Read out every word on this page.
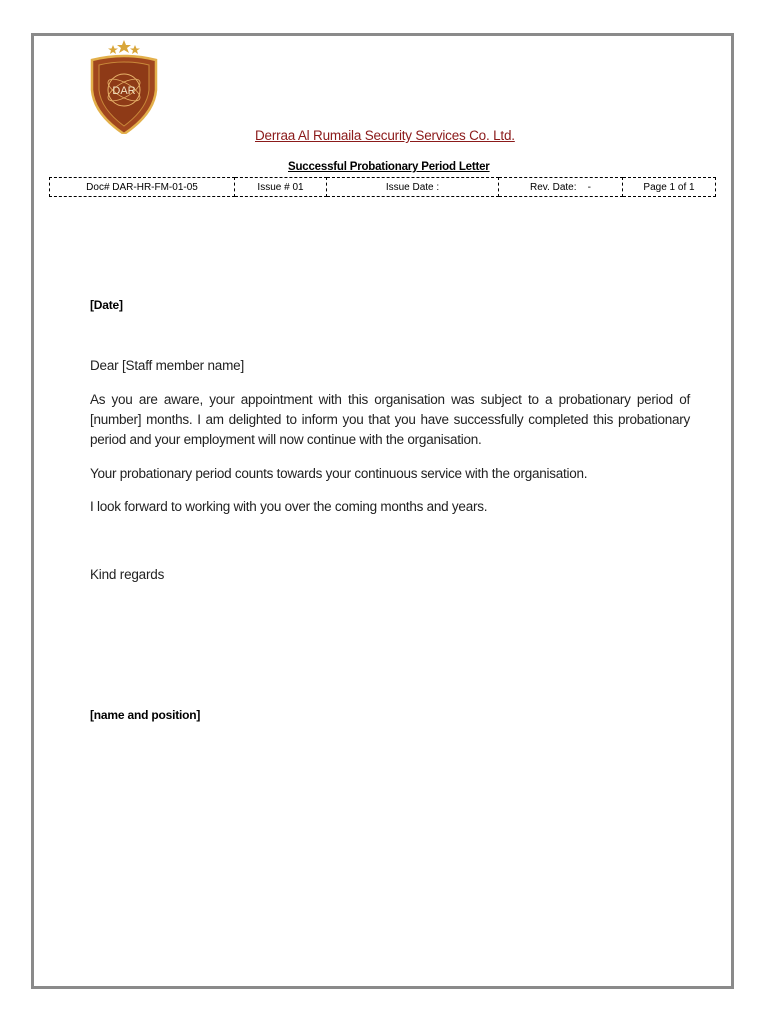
DAR
Derraa Al Rumaila Security Services Co. Ltd.
Successful Probationary Period Letter
Doc# DAR-HR-FM-01-05	Issue # 01	Issue Date :	Rev. Date:    -	Page 1 of 1
[Date]
Dear [Staff member name]
As you are aware, your appointment with this organisation was subject to a probationary period of [number] months. I am delighted to inform you that you have successfully completed this probationary period and your employment will now continue with the organisation.
Your probationary period counts towards your continuous service with the organisation.
I look forward to working with you over the coming months and years.
Kind regards
[name and position]
